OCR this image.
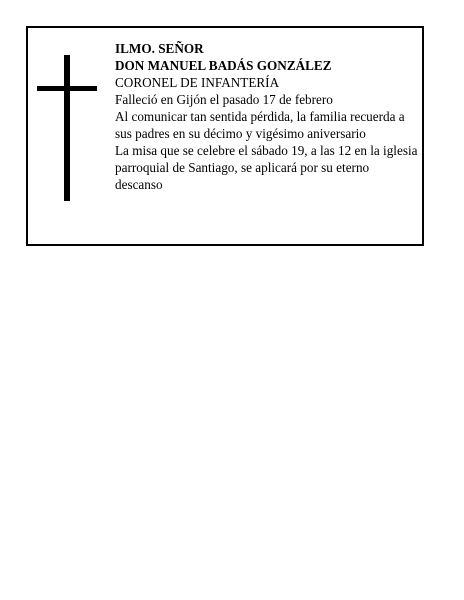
ILMO. SEÑOR

DON MANUEL BADÁS GONZÁLEZ

CORONEL DE INFANTERÍA

Falleció en Gijón el pasado 17 de febrero

Al comunicar tan sentida pérdida, la familia recuerda a sus padres en su décimo y vigésimo aniversario

La misa que se celebre el sábado 19, a las 12 en la iglesia parroquial de Santiago, se aplicará por su eterno descanso
